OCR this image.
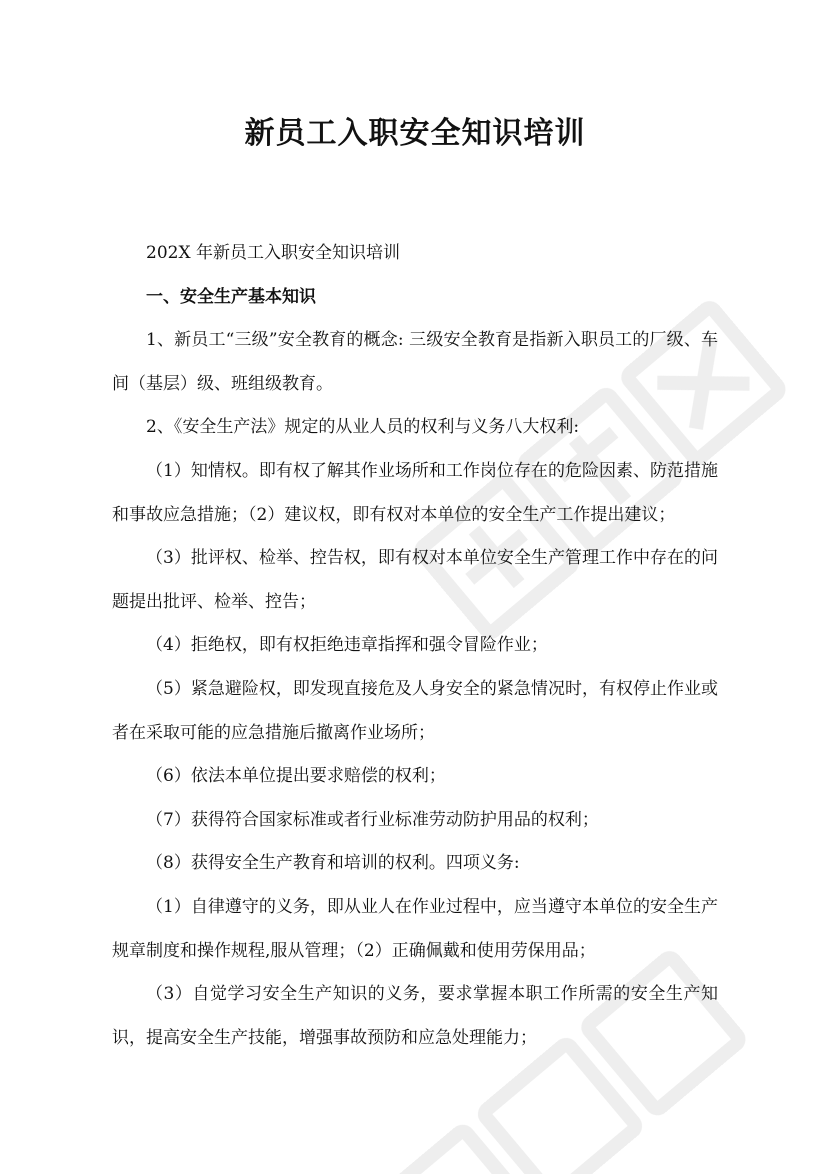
新员工入职安全知识培训

202X 年新员工入职安全知识培训

一、安全生产基本知识

1、新员工“三级”安全教育的概念: 三级安全教育是指新入职员工的厂级、车间（基层）级、班组级教育。

2、《安全生产法》规定的从业人员的权利与义务八大权利:

（1）知情权。即有权了解其作业场所和工作岗位存在的危险因素、防范措施和事故应急措施；（2）建议权，即有权对本单位的安全生产工作提出建议；

（3）批评权、检举、控告权，即有权对本单位安全生产管理工作中存在的问题提出批评、检举、控告；

（4）拒绝权，即有权拒绝违章指挥和强令冒险作业；

（5）紧急避险权，即发现直接危及人身安全的紧急情况时，有权停止作业或者在采取可能的应急措施后撤离作业场所；

（6）依法本单位提出要求赔偿的权利；

（7）获得符合国家标准或者行业标准劳动防护用品的权利；

（8）获得安全生产教育和培训的权利。四项义务:

（1）自律遵守的义务，即从业人在作业过程中，应当遵守本单位的安全生产规章制度和操作规程,服从管理；（2）正确佩戴和使用劳保用品；

（3）自觉学习安全生产知识的义务，要求掌握本职工作所需的安全生产知识，提高安全生产技能，增强事故预防和应急处理能力；
